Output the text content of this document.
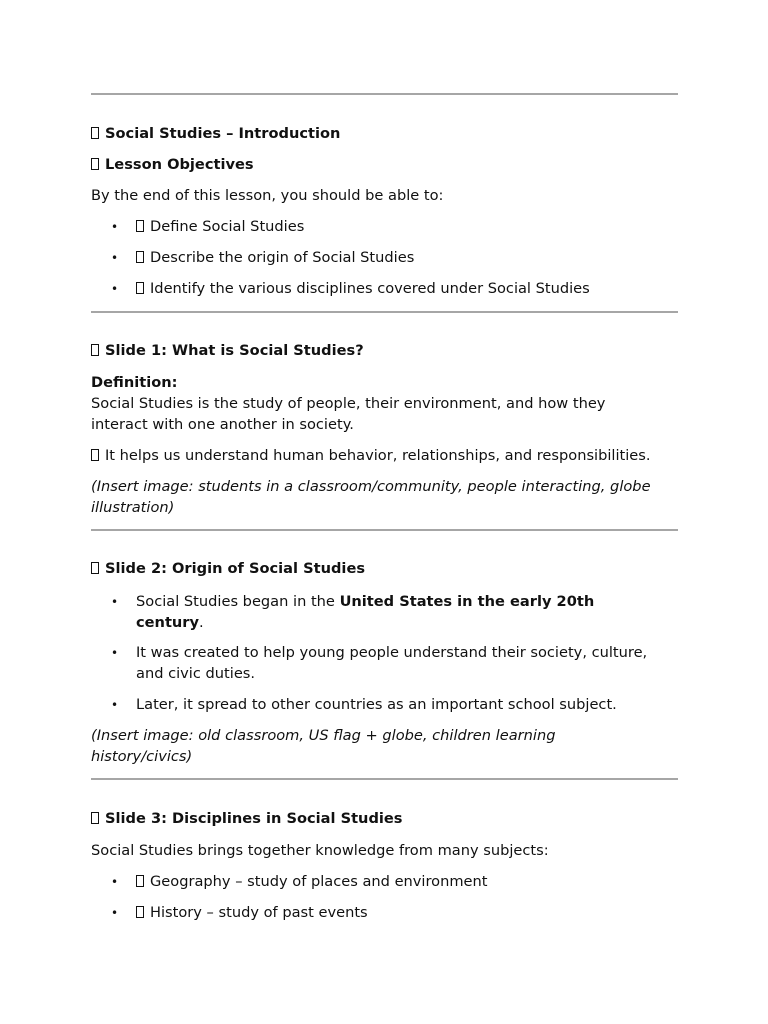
Social Studies – Introduction
Lesson Objectives
By the end of this lesson, you should be able to:
•	Define Social Studies
•	Describe the origin of Social Studies
•	Identify the various disciplines covered under Social Studies
Slide 1: What is Social Studies?
Definition:
Social Studies is the study of people, their environment, and how they
interact with one another in society.
It helps us understand human behavior, relationships, and responsibilities.
(Insert image: students in a classroom/community, people interacting, globe
illustration)
Slide 2: Origin of Social Studies
• Social Studies began in the United States in the early 20th
century.
• It was created to help young people understand their society, culture,
and civic duties.
• Later, it spread to other countries as an important school subject.
(Insert image: old classroom, US flag + globe, children learning
history/civics)
Slide 3: Disciplines in Social Studies
Social Studies brings together knowledge from many subjects:
•	Geography – study of places and environment
•	History – study of past events
